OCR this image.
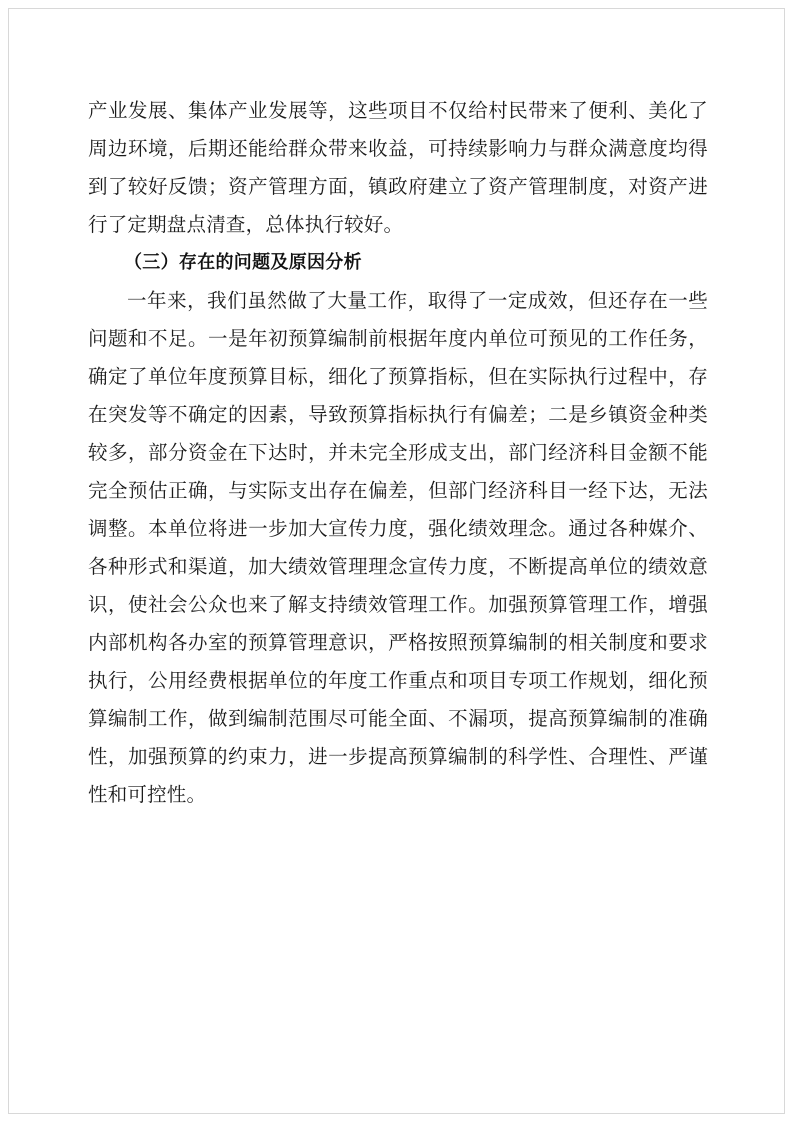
产业发展、集体产业发展等，这些项目不仅给村民带来了便利、美化了周边环境，后期还能给群众带来收益，可持续影响力与群众满意度均得到了较好反馈；资产管理方面，镇政府建立了资产管理制度，对资产进行了定期盘点清查，总体执行较好。

（三）存在的问题及原因分析

一年来，我们虽然做了大量工作，取得了一定成效，但还存在一些问题和不足。一是年初预算编制前根据年度内单位可预见的工作任务，确定了单位年度预算目标，细化了预算指标，但在实际执行过程中，存在突发等不确定的因素，导致预算指标执行有偏差；二是乡镇资金种类较多，部分资金在下达时，并未完全形成支出，部门经济科目金额不能完全预估正确，与实际支出存在偏差，但部门经济科目一经下达，无法调整。本单位将进一步加大宣传力度，强化绩效理念。通过各种媒介、各种形式和渠道，加大绩效管理理念宣传力度，不断提高单位的绩效意识，使社会公众也来了解支持绩效管理工作。加强预算管理工作，增强内部机构各办室的预算管理意识，严格按照预算编制的相关制度和要求执行，公用经费根据单位的年度工作重点和项目专项工作规划，细化预算编制工作，做到编制范围尽可能全面、不漏项，提高预算编制的准确性，加强预算的约束力，进一步提高预算编制的科学性、合理性、严谨性和可控性。
